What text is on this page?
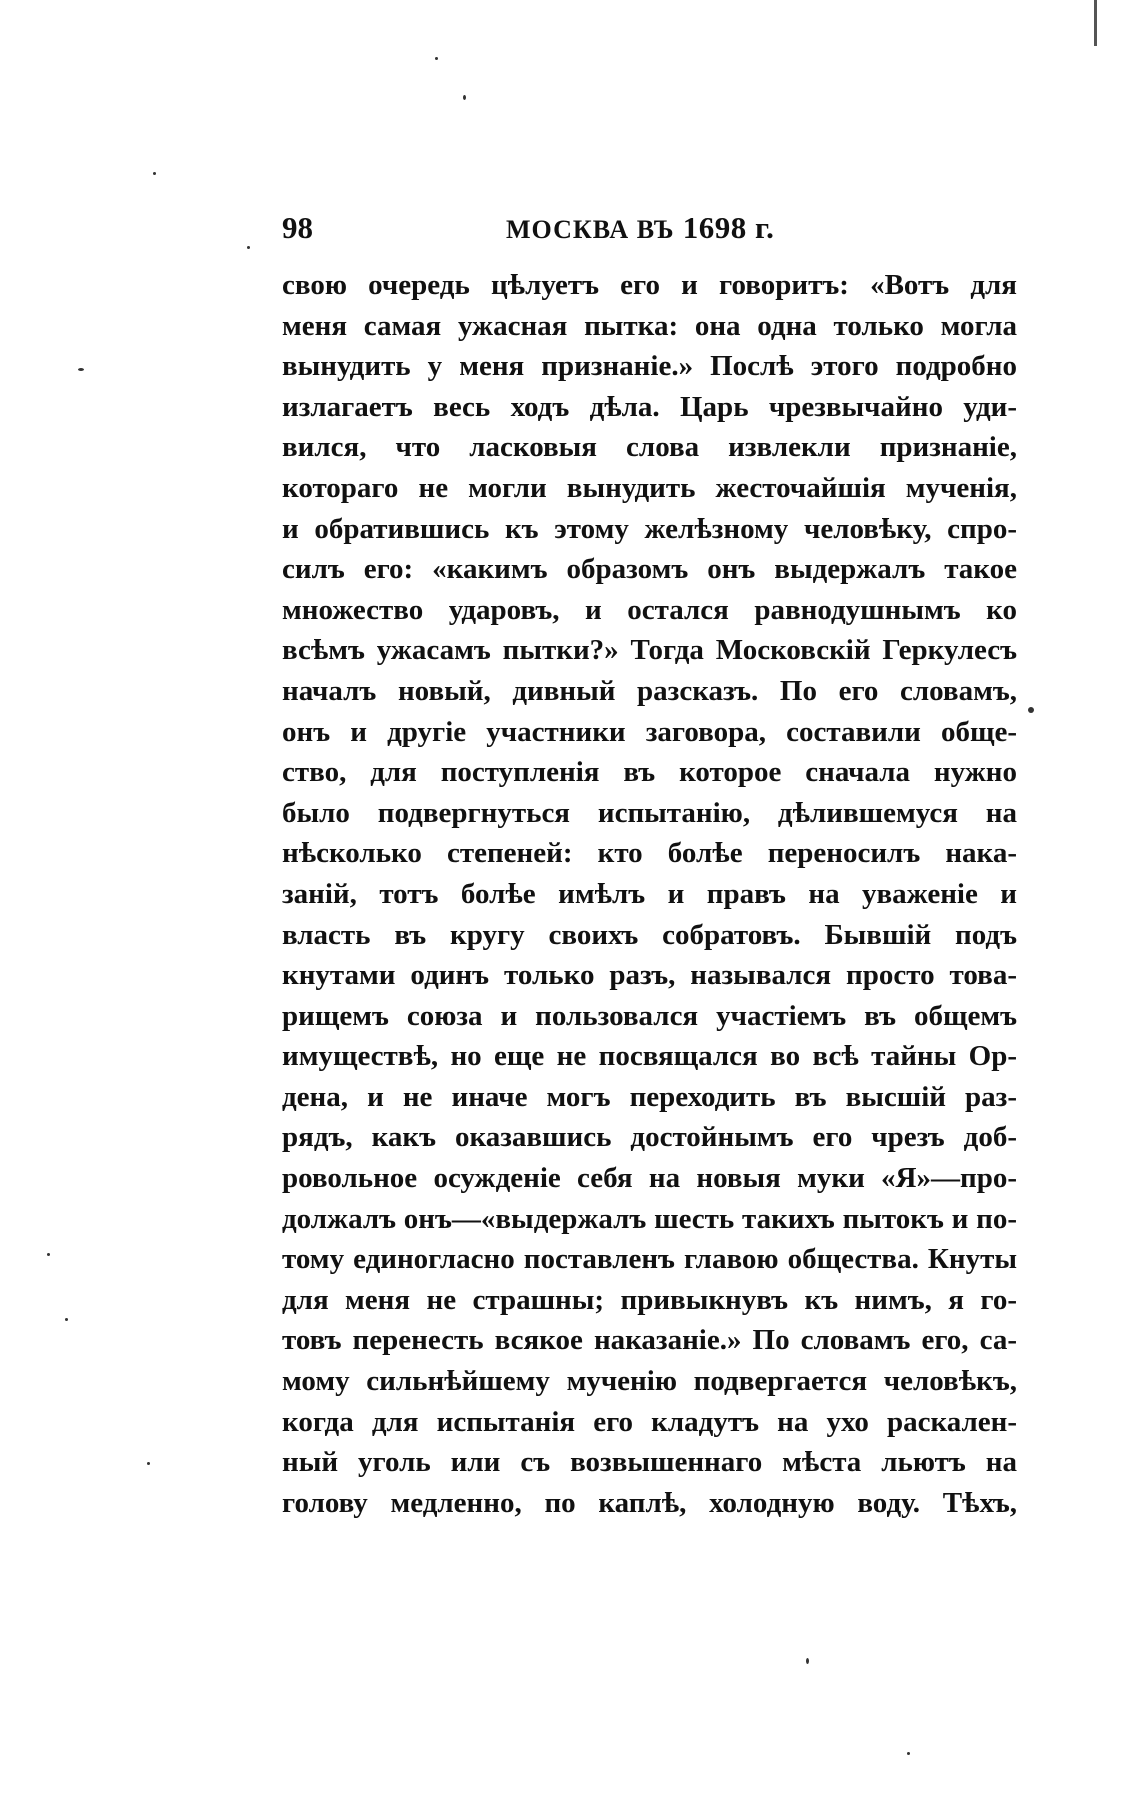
98	МОСКВА ВЪ 1698 г.
свою очередь цѣлуетъ его и говоритъ: «Вотъ для
меня самая ужасная пытка: она одна только могла
вынудить у меня признаніе.» Послѣ этого подробно
излагаетъ весь ходъ дѣла. Царь чрезвычайно уди-
вился, что ласковыя слова извлекли признаніе,
котораго не могли вынудить жесточайшія мученія,
и обратившись къ этому желѣзному человѣку, спро-
силъ его: «какимъ образомъ онъ выдержалъ такое
множество ударовъ, и остался равнодушнымъ ко
всѣмъ ужасамъ пытки?» Тогда Московскій Геркулесъ
началъ новый, дивный разсказъ. По его словамъ,
онъ и другіе участники заговора, составили обще-
ство, для поступленія въ которое сначала нужно
было подвергнуться испытанію, дѣлившемуся на
нѣсколько степеней: кто болѣе переносилъ нака-
заній, тотъ болѣе имѣлъ и правъ на уваженіе и
власть въ кругу своихъ собратовъ. Бывшій подъ
кнутами одинъ только разъ, назывался просто това-
рищемъ союза и пользовался участіемъ въ общемъ
имуществѣ, но еще не посвящался во всѣ тайны Ор-
дена, и не иначе могъ переходить въ высшій раз-
рядъ, какъ оказавшись достойнымъ его чрезъ доб-
ровольное осужденіе себя на новыя муки «Я»—про-
должалъ онъ—«выдержалъ шесть такихъ пытокъ и по-
тому единогласно поставленъ главою общества. Кнуты
для меня не страшны; привыкнувъ къ нимъ, я го-
товъ перенесть всякое наказаніе.» По словамъ его, са-
мому сильнѣйшему мученію подвергается человѣкъ,
когда для испытанія его кладутъ на ухо раскален-
ный уголь или съ возвышеннаго мѣста льютъ на
голову медленно, по каплѣ, холодную воду. Тѣхъ,
